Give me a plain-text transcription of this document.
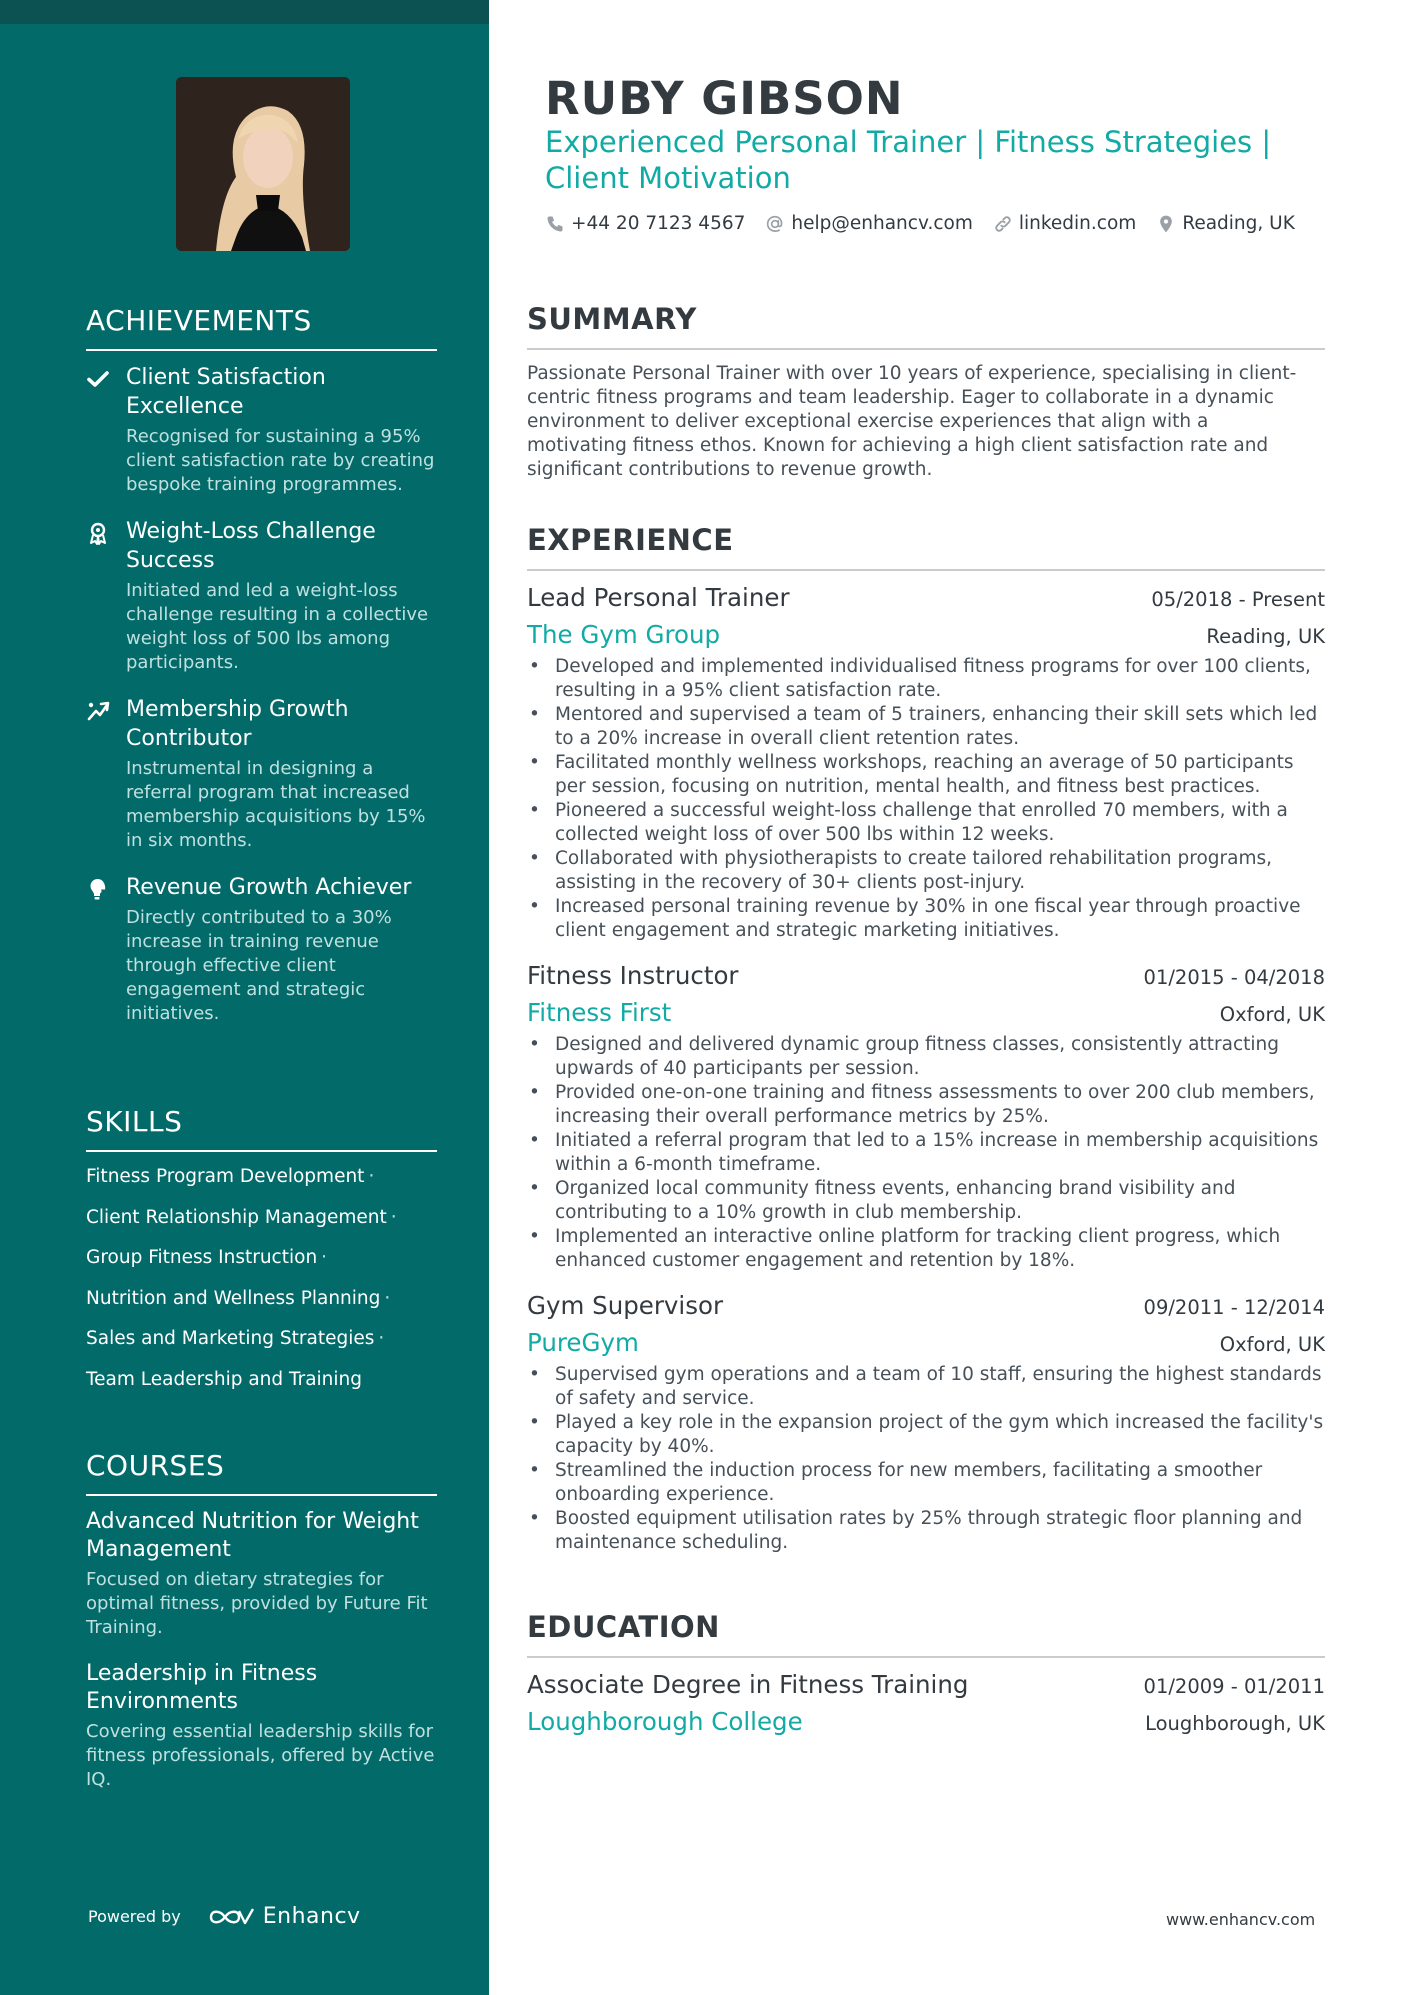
ACHIEVEMENTS
Client Satisfaction Excellence
Recognised for sustaining a 95% client satisfaction rate by creating bespoke training programmes.
Weight-Loss Challenge Success
Initiated and led a weight-loss challenge resulting in a collective weight loss of 500 lbs among participants.
Membership Growth Contributor
Instrumental in designing a referral program that increased membership acquisitions by 15% in six months.
Revenue Growth Achiever
Directly contributed to a 30% increase in training revenue through effective client engagement and strategic initiatives.
SKILLS
Fitness Program Development ·
Client Relationship Management ·
Group Fitness Instruction ·
Nutrition and Wellness Planning ·
Sales and Marketing Strategies ·
Team Leadership and Training
COURSES
Advanced Nutrition for Weight Management
Focused on dietary strategies for optimal fitness, provided by Future Fit Training.
Leadership in Fitness Environments
Covering essential leadership skills for fitness professionals, offered by Active IQ.
Powered by	Enhancv
RUBY GIBSON
Experienced Personal Trainer | Fitness Strategies | Client Motivation
+44 20 7123 4567 help@enhancv.com linkedin.com Reading, UK
SUMMARY

Passionate Personal Trainer with over 10 years of experience, specialising in client-centric fitness programs and team leadership. Eager to collaborate in a dynamic environment to deliver exceptional exercise experiences that align with a motivating fitness ethos. Known for achieving a high client satisfaction rate and significant contributions to revenue growth.

EXPERIENCE
Lead Personal Trainer	05/2018 - Present
The Gym Group	Reading, UK
• Developed and implemented individualised fitness programs for over 100 clients, resulting in a 95% client satisfaction rate.
• Mentored and supervised a team of 5 trainers, enhancing their skill sets which led to a 20% increase in overall client retention rates.
• Facilitated monthly wellness workshops, reaching an average of 50 participants per session, focusing on nutrition, mental health, and fitness best practices.
• Pioneered a successful weight-loss challenge that enrolled 70 members, with a collected weight loss of over 500 lbs within 12 weeks.
• Collaborated with physiotherapists to create tailored rehabilitation programs, assisting in the recovery of 30+ clients post-injury.
• Increased personal training revenue by 30% in one fiscal year through proactive client engagement and strategic marketing initiatives.
Fitness Instructor	01/2015 - 04/2018
Fitness First	Oxford, UK
• Designed and delivered dynamic group fitness classes, consistently attracting upwards of 40 participants per session.
• Provided one-on-one training and fitness assessments to over 200 club members, increasing their overall performance metrics by 25%.
• Initiated a referral program that led to a 15% increase in membership acquisitions within a 6-month timeframe.
• Organized local community fitness events, enhancing brand visibility and contributing to a 10% growth in club membership.
• Implemented an interactive online platform for tracking client progress, which enhanced customer engagement and retention by 18%.
Gym Supervisor	09/2011 - 12/2014
PureGym	Oxford, UK
• Supervised gym operations and a team of 10 staff, ensuring the highest standards of safety and service.
• Played a key role in the expansion project of the gym which increased the facility's capacity by 40%.
• Streamlined the induction process for new members, facilitating a smoother onboarding experience.
• Boosted equipment utilisation rates by 25% through strategic floor planning and maintenance scheduling.
EDUCATION
Associate Degree in Fitness Training	01/2009 - 01/2011
Loughborough College	Loughborough, UK
www.enhancv.com
